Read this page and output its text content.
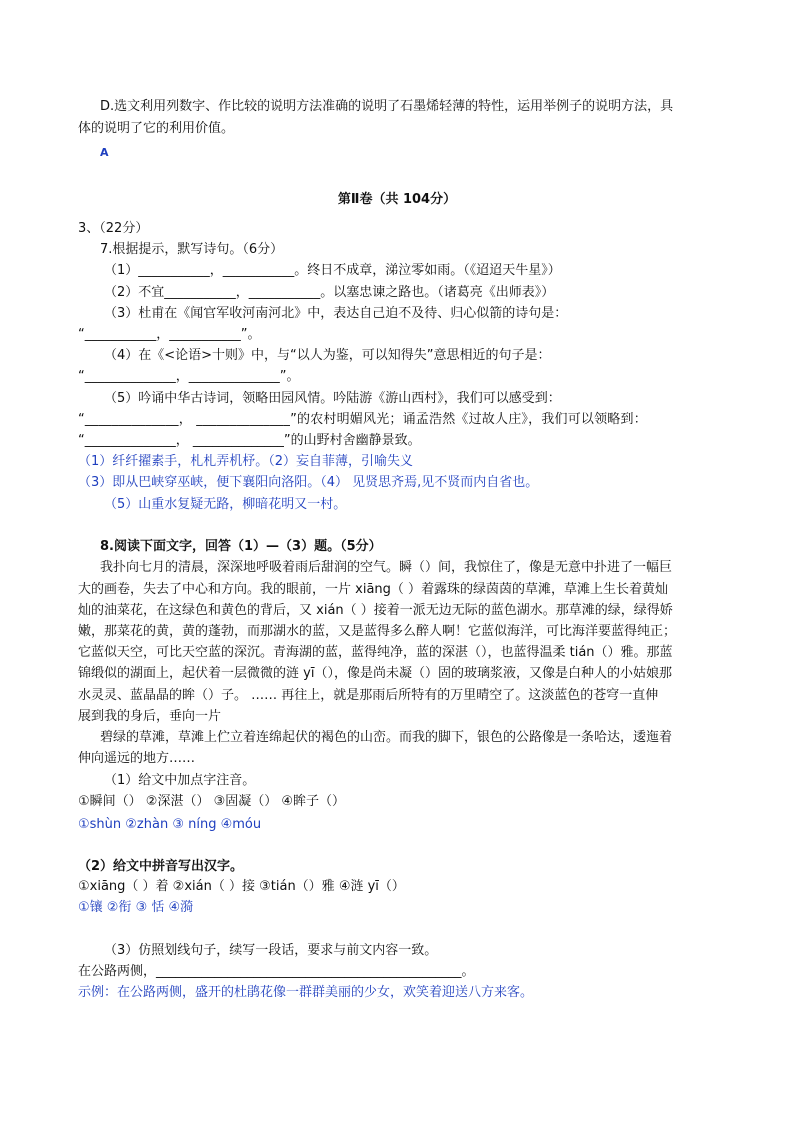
D.选文利用列数字、作比较的说明方法准确的说明了石墨烯轻薄的特性，运用举例子的说明方法，具
体的说明了它的利用价值。
A
第Ⅱ卷（共 104分）
3、（22分）
7.根据提示，默写诗句。（6分）
（1）___________，___________。终日不成章，涕泣零如雨。（《迢迢天牛星》）
（2）不宜___________，___________。以塞忠谏之路也。（诸葛亮《出师表》）
（3）杜甫在《闻官军收河南河北》中，表达自己迫不及待、归心似箭的诗句是：
“___________，___________”。
（4）在《<论语>十则》中，与“以人为鉴，可以知得失”意思相近的句子是：
“______________，______________”。
（5）吟诵中华古诗词，领略田园风情。吟陆游《游山西村》，我们可以感受到：
“______________， ______________”的农村明媚风光；诵孟浩然《过故人庄》，我们可以领略到：
“______________， ______________”的山野村舍幽静景致。
（1）纤纤擢素手，札札弄机杼。（2）妄自菲薄，引喻失义
（3）即从巴峡穿巫峡，便下襄阳向洛阳。（4） 见贤思齐焉,见不贤而内自省也。
（5）山重水复疑无路，柳暗花明又一村。
8.阅读下面文字，回答（1）—（3）题。（5分）
我扑向七月的清晨，深深地呼吸着雨后甜润的空气。瞬（）间，我惊住了，像是无意中扑进了一幅巨
大的画卷，失去了中心和方向。我的眼前，一片 xiāng（ ）着露珠的绿茵茵的草滩，草滩上生长着黄灿
灿的油菜花，在这绿色和黄色的背后，又 xián（ ）接着一派无边无际的蓝色湖水。那草滩的绿，绿得娇
嫩，那菜花的黄，黄的蓬勃，而那湖水的蓝，又是蓝得多么醉人啊！它蓝似海洋，可比海洋要蓝得纯正；
它蓝似天空，可比天空蓝的深沉。青海湖的蓝，蓝得纯净，蓝的深湛（），也蓝得温柔 tián（）雅。那蓝
锦缎似的湖面上，起伏着一层微微的涟 yī（），像是尚未凝（）固的玻璃浆液，又像是白种人的小姑娘那
水灵灵、蓝晶晶的眸（）子。 …… 再往上，就是那雨后所特有的万里晴空了。这淡蓝色的苍穹一直伸
展到我的身后，垂向一片
碧绿的草滩，草滩上伫立着连绵起伏的褐色的山峦。而我的脚下，银色的公路像是一条哈达，逶迤着
伸向遥远的地方……
（1）给文中加点字注音。
①瞬间（） ②深湛（） ③固凝（） ④眸子（）
①shùn ②zhàn ③ níng ④móu
（2）给文中拼音写出汉字。
①xiāng（ ）着 ②xián（ ）接 ③tián（）雅 ④涟 yī（）
①镶 ②衔 ③ 恬 ④漪
（3）仿照划线句子，续写一段话，要求与前文内容一致。
在公路两侧，_______________________________________________。
示例：在公路两侧，盛开的杜鹃花像一群群美丽的少女，欢笑着迎送八方来客。
